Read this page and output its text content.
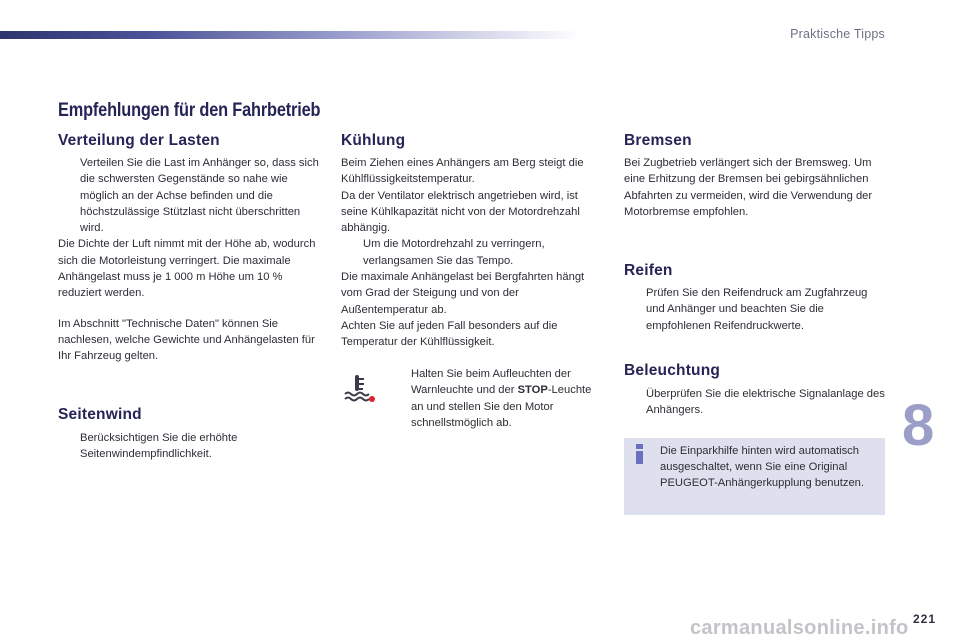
Praktische Tipps
Empfehlungen für den Fahrbetrieb
Verteilung der Lasten
Verteilen Sie die Last im Anhänger so, dass sich die schwersten Gegenstände so nahe wie möglich an der Achse befinden und die höchstzulässige Stützlast nicht überschritten wird.
Die Dichte der Luft nimmt mit der Höhe ab, wodurch sich die Motorleistung verringert. Die maximale Anhängelast muss je 1 000 m Höhe um 10 % reduziert werden.
Im Abschnitt "Technische Daten" können Sie nachlesen, welche Gewichte und Anhängelasten für Ihr Fahrzeug gelten.
Seitenwind
Berücksichtigen Sie die erhöhte Seitenwindempfindlichkeit.
Kühlung
Beim Ziehen eines Anhängers am Berg steigt die Kühlflüssigkeitstemperatur.
Da der Ventilator elektrisch angetrieben wird, ist seine Kühlkapazität nicht von der Motordrehzahl abhängig.
Um die Motordrehzahl zu verringern, verlangsamen Sie das Tempo.
Die maximale Anhängelast bei Bergfahrten hängt vom Grad der Steigung und von der Außentemperatur ab.
Achten Sie auf jeden Fall besonders auf die Temperatur der Kühlflüssigkeit.
Halten Sie beim Aufleuchten der Warnleuchte und der STOP-Leuchte an und stellen Sie den Motor schnellstmöglich ab.
Bremsen
Bei Zugbetrieb verlängert sich der Bremsweg. Um eine Erhitzung der Bremsen bei gebirgsähnlichen Abfahrten zu vermeiden, wird die Verwendung der Motorbremse empfohlen.
Reifen
Prüfen Sie den Reifendruck am Zugfahrzeug und Anhänger und beachten Sie die empfohlenen Reifendruckwerte.
Beleuchtung
Überprüfen Sie die elektrische Signalanlage des Anhängers.
Die Einparkhilfe hinten wird automatisch ausgeschaltet, wenn Sie eine Original PEUGEOT-Anhängerkupplung benutzen.
8
carmanualsonline.info 221
